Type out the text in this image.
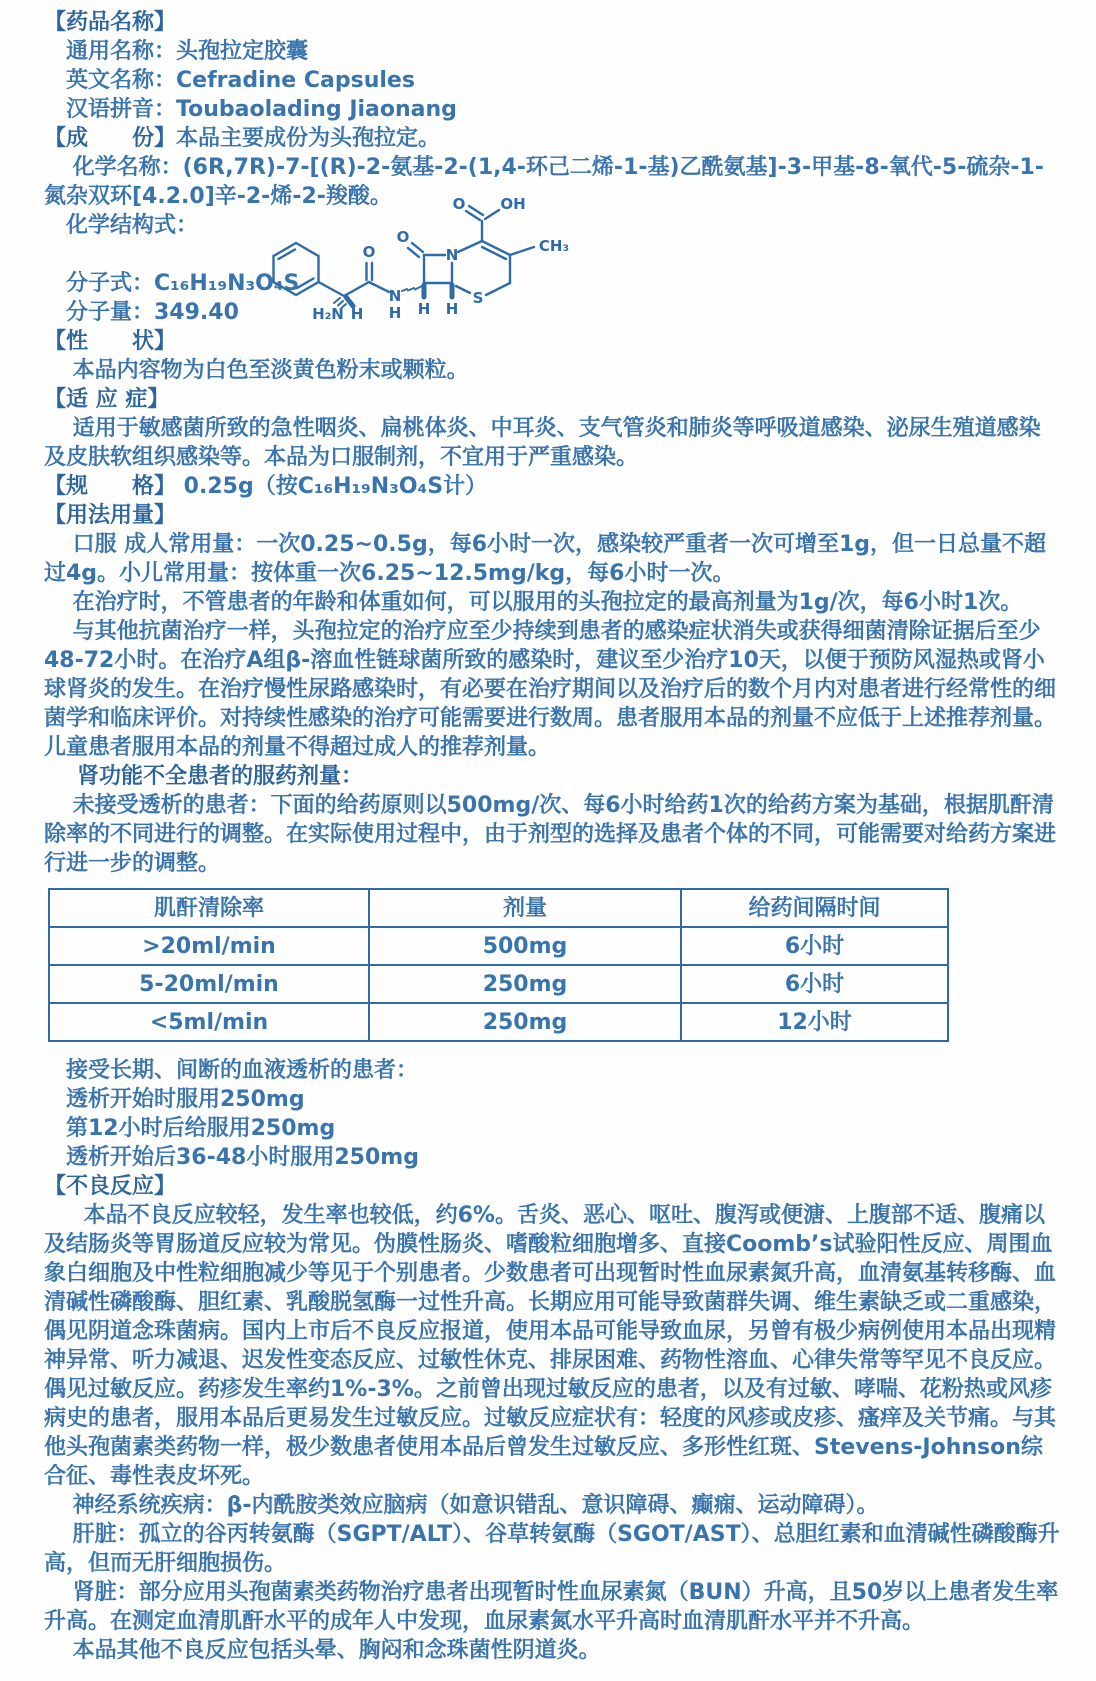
【药品名称】
通用名称：头孢拉定胶囊
英文名称：Cefradine Capsules
汉语拼音：Toubaolading Jiaonang
【成　　份】 本品主要成份为头孢拉定。
化学名称：(6R,7R)-7-[(R)-2-氨基-2-(1,4-环己二烯-1-基)乙酰氨基]-3-甲基-8-氧代-5-硫杂-1-氮杂双环[4.2.0]辛-2-烯-2-羧酸。
化学结构式：
分子式：C₁₆H₁₉N₃O₄S
分子量：349.40	H₂N H
O
N
H
O
N
H H
S
CH₃
O OH
【性　　状】
本品内容物为白色至淡黄色粉末或颗粒。
【适 应 症】
适用于敏感菌所致的急性咽炎、扁桃体炎、中耳炎、支气管炎和肺炎等呼吸道感染、泌尿生殖道感染及皮肤软组织感染等。本品为口服制剂，不宜用于严重感染。
【规　　格】 0.25g（按C₁₆H₁₉N₃O₄S计）
【用法用量】
口服 成人常用量：一次0.25~0.5g，每6小时一次，感染较严重者一次可增至1g，但一日总量不超过4g。小儿常用量：按体重一次6.25~12.5mg/kg，每6小时一次。
在治疗时，不管患者的年龄和体重如何，可以服用的头孢拉定的最高剂量为1g/次，每6小时1次。
与其他抗菌治疗一样，头孢拉定的治疗应至少持续到患者的感染症状消失或获得细菌清除证据后至少48-72小时。在治疗A组β-溶血性链球菌所致的感染时，建议至少治疗10天，以便于预防风湿热或肾小球肾炎的发生。在治疗慢性尿路感染时，有必要在治疗期间以及治疗后的数个月内对患者进行经常性的细菌学和临床评价。对持续性感染的治疗可能需要进行数周。患者服用本品的剂量不应低于上述推荐剂量。儿童患者服用本品的剂量不得超过成人的推荐剂量。
肾功能不全患者的服药剂量：
未接受透析的患者：下面的给药原则以500mg/次、每6小时给药1次的给药方案为基础，根据肌酐清除率的不同进行的调整。在实际使用过程中，由于剂型的选择及患者个体的不同，可能需要对给药方案进行进一步的调整。
肌酐清除率	剂量	给药间隔时间
>20ml/min	500mg	6小时
5-20ml/min	250mg	6小时
<5ml/min	250mg	12小时
接受长期、间断的血液透析的患者：
透析开始时服用250mg
第12小时后给服用250mg
透析开始后36-48小时服用250mg
【不良反应】
本品不良反应较轻，发生率也较低，约6%。舌炎、恶心、呕吐、腹泻或便溏、上腹部不适、腹痛以及结肠炎等胃肠道反应较为常见。伪膜性肠炎、嗜酸粒细胞增多、直接Coomb’s试验阳性反应、周围血象白细胞及中性粒细胞减少等见于个别患者。少数患者可出现暂时性血尿素氮升高，血清氨基转移酶、血清碱性磷酸酶、胆红素、乳酸脱氢酶一过性升高。长期应用可能导致菌群失调、维生素缺乏或二重感染，偶见阴道念珠菌病。国内上市后不良反应报道，使用本品可能导致血尿，另曾有极少病例使用本品出现精神异常、听力减退、迟发性变态反应、过敏性休克、排尿困难、药物性溶血、心律失常等罕见不良反应。偶见过敏反应。药疹发生率约1%-3%。之前曾出现过敏反应的患者，以及有过敏、哮喘、花粉热或风疹病史的患者，服用本品后更易发生过敏反应。过敏反应症状有：轻度的风疹或皮疹、瘙痒及关节痛。与其他头孢菌素类药物一样，极少数患者使用本品后曾发生过敏反应、多形性红斑、Stevens-Johnson综合征、毒性表皮坏死。
神经系统疾病：β-内酰胺类效应脑病（如意识错乱、意识障碍、癫痫、运动障碍）。
肝脏：孤立的谷丙转氨酶（SGPT/ALT）、谷草转氨酶（SGOT/AST）、总胆红素和血清碱性磷酸酶升高，但而无肝细胞损伤。
肾脏：部分应用头孢菌素类药物治疗患者出现暂时性血尿素氮（BUN）升高，且50岁以上患者发生率升高。在测定血清肌酐水平的成年人中发现，血尿素氮水平升高时血清肌酐水平并不升高。
本品其他不良反应包括头晕、胸闷和念珠菌性阴道炎。
